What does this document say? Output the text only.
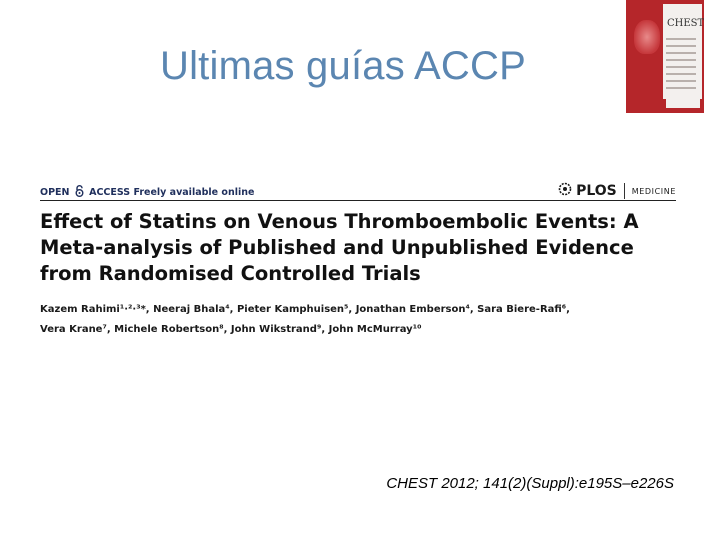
Ultimas guías ACCP
CHEST
OPEN ACCESS Freely available online	PLOS MEDICINE
Effect of Statins on Venous Thromboembolic Events: A
Meta-analysis of Published and Unpublished Evidence
from Randomised Controlled Trials
Kazem Rahimi¹·²·³*, Neeraj Bhala⁴, Pieter Kamphuisen⁵, Jonathan Emberson⁴, Sara Biere-Rafi⁶,
Vera Krane⁷, Michele Robertson⁸, John Wikstrand⁹, John McMurray¹⁰
CHEST 2012; 141(2)(Suppl):e195S–e226S
